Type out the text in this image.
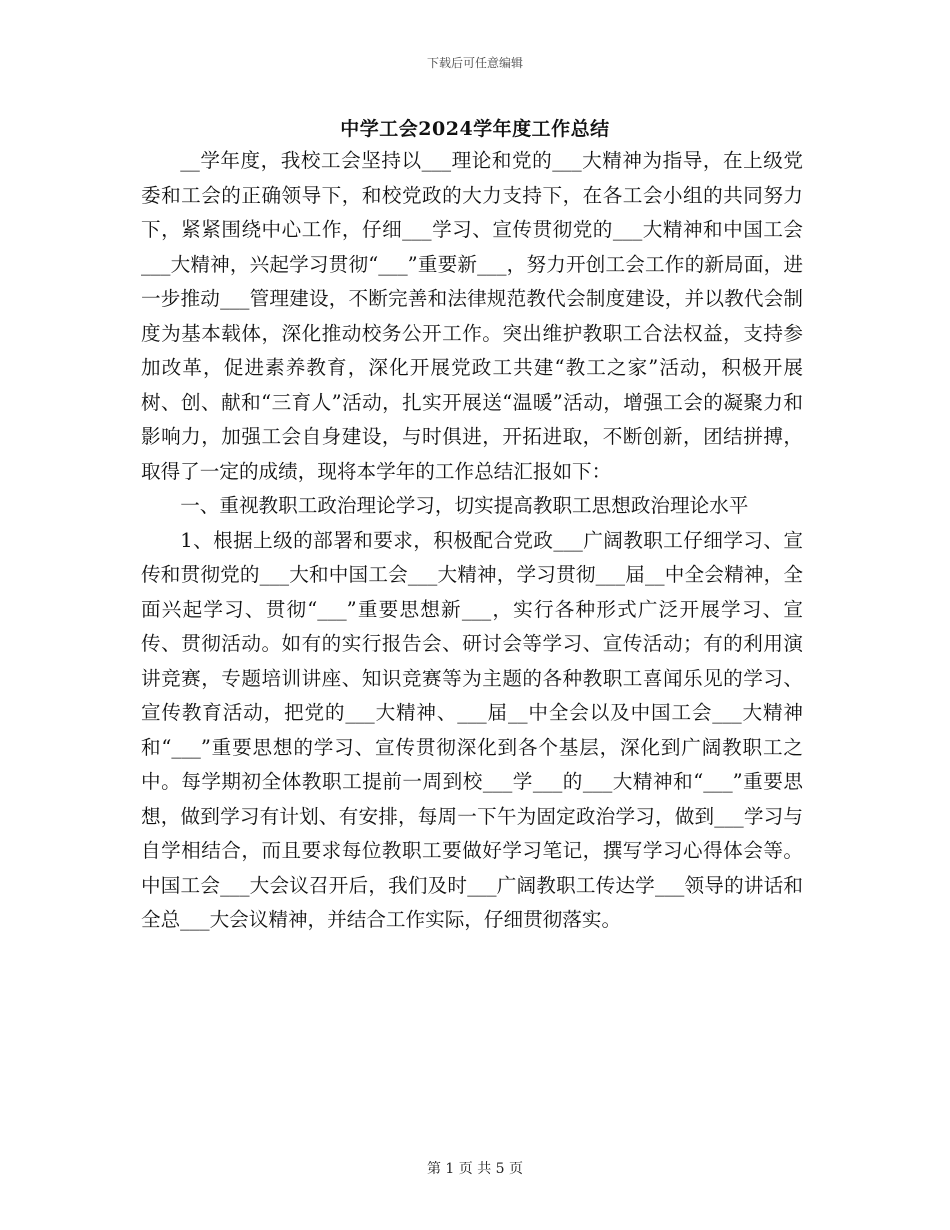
下载后可任意编辑
中学工会2024学年度工作总结

__学年度，我校工会坚持以___理论和党的___大精神为指导，在上级党委和工会的正确领导下，和校党政的大力支持下，在各工会小组的共同努力下，紧紧围绕中心工作，仔细___学习、宣传贯彻党的___大精神和中国工会___大精神，兴起学习贯彻“___”重要新___，努力开创工会工作的新局面，进一步推动___管理建设，不断完善和法律规范教代会制度建设，并以教代会制度为基本载体，深化推动校务公开工作。突出维护教职工合法权益，支持参加改革，促进素养教育，深化开展党政工共建“教工之家”活动，积极开展树、创、献和“三育人”活动，扎实开展送“温暖”活动，增强工会的凝聚力和影响力，加强工会自身建设，与时俱进，开拓进取，不断创新，团结拼搏，取得了一定的成绩，现将本学年的工作总结汇报如下：

一、重视教职工政治理论学习，切实提高教职工思想政治理论水平

1、根据上级的部署和要求，积极配合党政___广阔教职工仔细学习、宣传和贯彻党的___大和中国工会___大精神，学习贯彻___届__中全会精神，全面兴起学习、贯彻“___”重要思想新___，实行各种形式广泛开展学习、宣传、贯彻活动。如有的实行报告会、研讨会等学习、宣传活动；有的利用演讲竞赛，专题培训讲座、知识竞赛等为主题的各种教职工喜闻乐见的学习、宣传教育活动，把党的___大精神、___届__中全会以及中国工会___大精神和“___”重要思想的学习、宣传贯彻深化到各个基层，深化到广阔教职工之中。每学期初全体教职工提前一周到校___学___的___大精神和“___”重要思想，做到学习有计划、有安排，每周一下午为固定政治学习，做到___学习与自学相结合，而且要求每位教职工要做好学习笔记，撰写学习心得体会等。中国工会___大会议召开后，我们及时___广阔教职工传达学___领导的讲话和全总___大会议精神，并结合工作实际，仔细贯彻落实。

第 1 页 共 5 页
